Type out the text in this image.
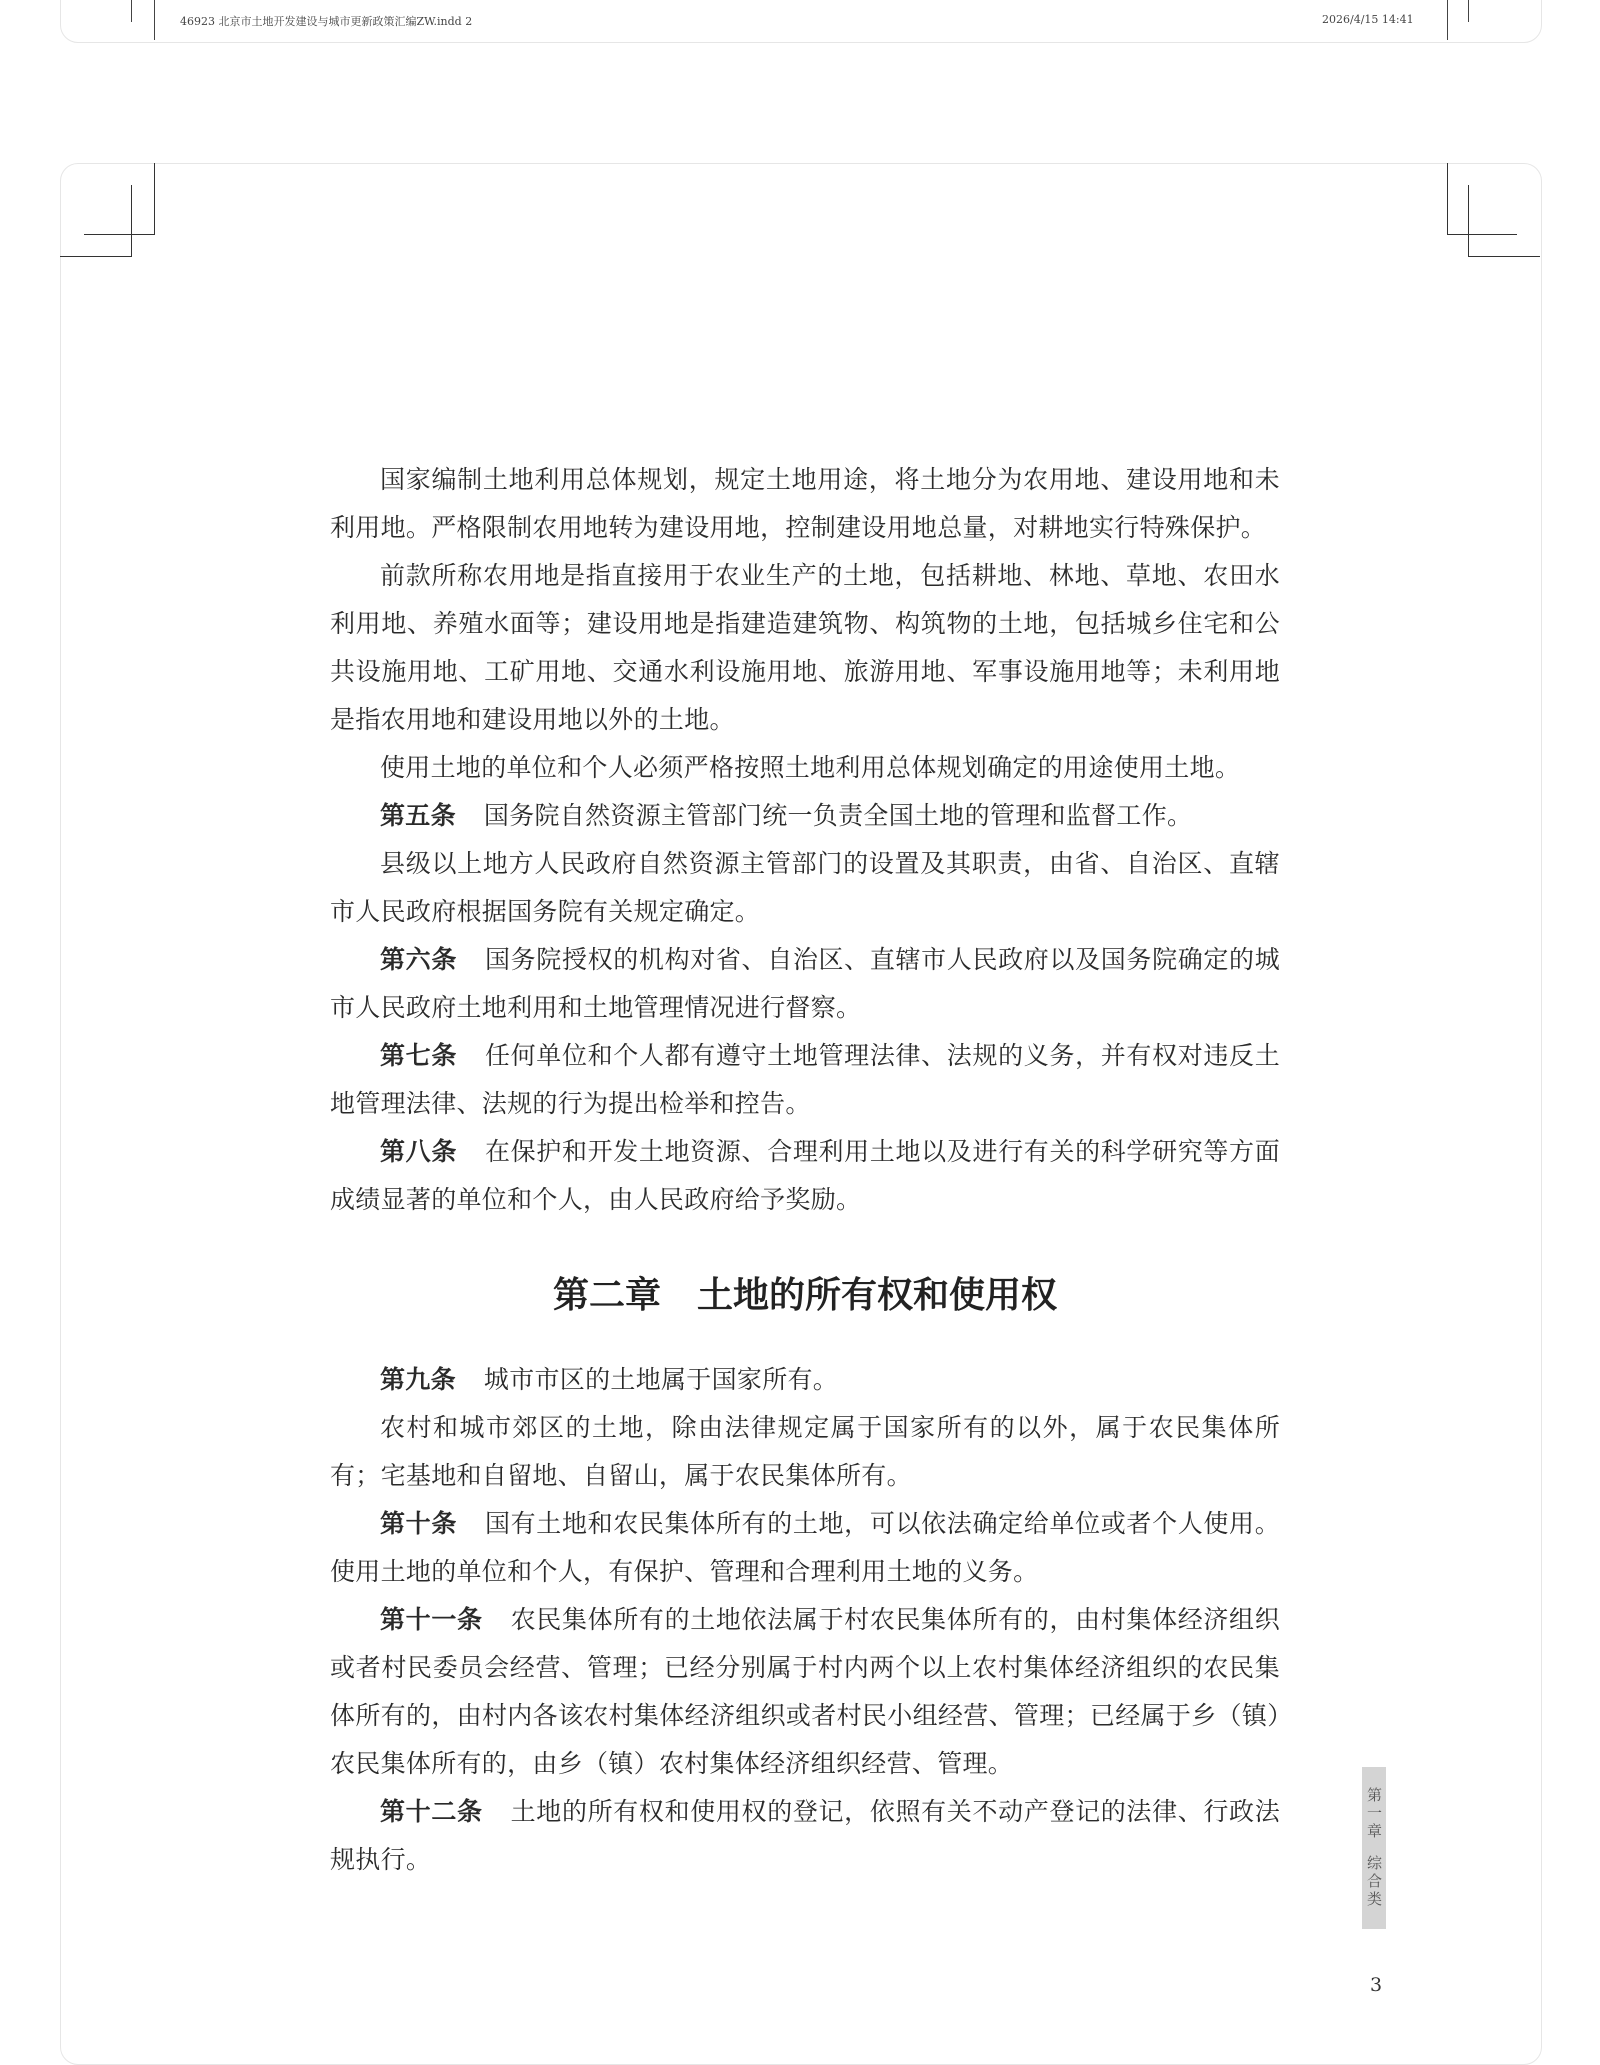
46923 北京市土地开发建设与城市更新政策汇编ZW.indd 2	2026/4/15 14:41

国家编制土地利用总体规划，规定土地用途，将土地分为农用地、建设用地和未利用地。严格限制农用地转为建设用地，控制建设用地总量，对耕地实行特殊保护。

前款所称农用地是指直接用于农业生产的土地，包括耕地、林地、草地、农田水利用地、养殖水面等；建设用地是指建造建筑物、构筑物的土地，包括城乡住宅和公共设施用地、工矿用地、交通水利设施用地、旅游用地、军事设施用地等；未利用地是指农用地和建设用地以外的土地。

使用土地的单位和个人必须严格按照土地利用总体规划确定的用途使用土地。

第五条 国务院自然资源主管部门统一负责全国土地的管理和监督工作。

县级以上地方人民政府自然资源主管部门的设置及其职责，由省、自治区、直辖市人民政府根据国务院有关规定确定。

第六条 国务院授权的机构对省、自治区、直辖市人民政府以及国务院确定的城市人民政府土地利用和土地管理情况进行督察。

第七条 任何单位和个人都有遵守土地管理法律、法规的义务，并有权对违反土地管理法律、法规的行为提出检举和控告。

第八条 在保护和开发土地资源、合理利用土地以及进行有关的科学研究等方面成绩显著的单位和个人，由人民政府给予奖励。

第二章 土地的所有权和使用权

第九条 城市市区的土地属于国家所有。

农村和城市郊区的土地，除由法律规定属于国家所有的以外，属于农民集体所有；宅基地和自留地、自留山，属于农民集体所有。

第十条 国有土地和农民集体所有的土地，可以依法确定给单位或者个人使用。使用土地的单位和个人，有保护、管理和合理利用土地的义务。

第十一条 农民集体所有的土地依法属于村农民集体所有的，由村集体经济组织或者村民委员会经营、管理；已经分别属于村内两个以上农村集体经济组织的农民集体所有的，由村内各该农村集体经济组织或者村民小组经营、管理；已经属于乡（镇）农民集体所有的，由乡（镇）农村集体经济组织经营、管理。

第十二条 土地的所有权和使用权的登记，依照有关不动产登记的法律、行政法规执行。

第一章
综合类
3
